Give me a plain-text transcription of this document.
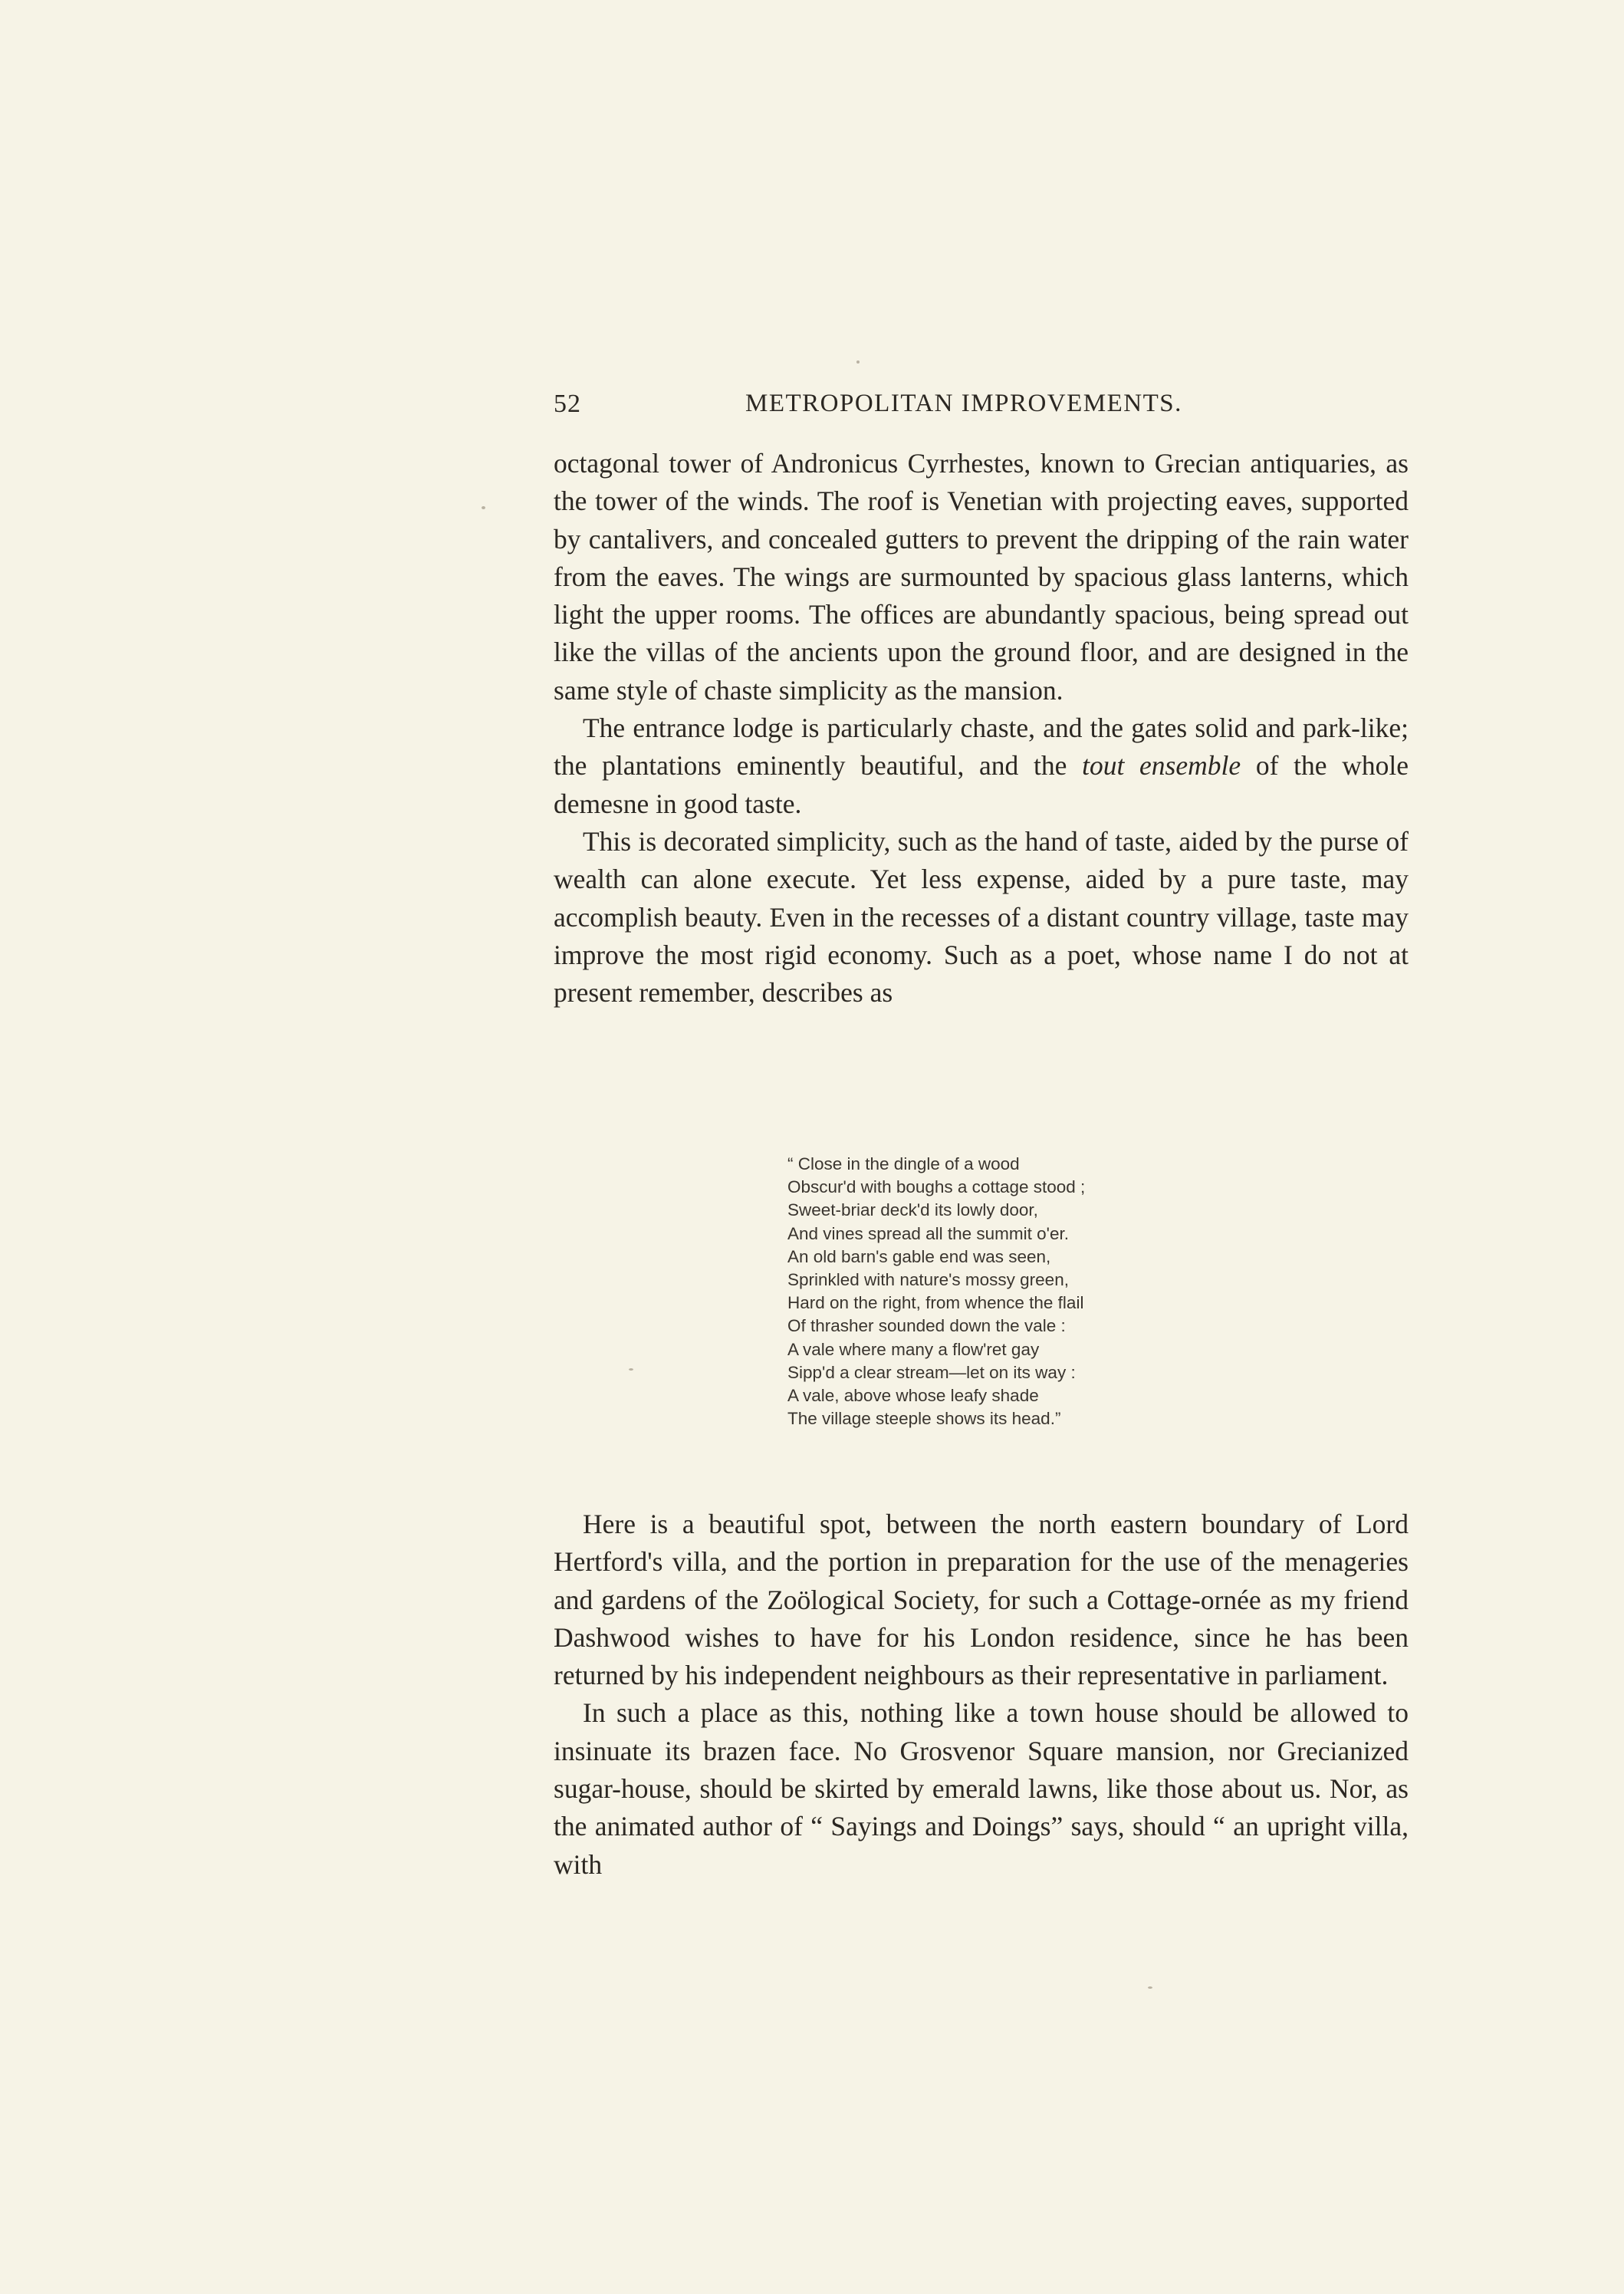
52	METROPOLITAN IMPROVEMENTS.

octagonal tower of Andronicus Cyrrhestes, known to Grecian antiquaries, as the tower of the winds. The roof is Venetian with projecting eaves, supported by cantalivers, and concealed gutters to prevent the dripping of the rain water from the eaves. The wings are surmounted by spacious glass lanterns, which light the upper rooms. The offices are abundantly spacious, being spread out like the villas of the ancients upon the ground floor, and are designed in the same style of chaste simplicity as the mansion.

The entrance lodge is particularly chaste, and the gates solid and park-like; the plantations eminently beautiful, and the tout ensemble of the whole demesne in good taste.

This is decorated simplicity, such as the hand of taste, aided by the purse of wealth can alone execute. Yet less expense, aided by a pure taste, may accomplish beauty. Even in the recesses of a distant country village, taste may improve the most rigid economy. Such as a poet, whose name I do not at present remember, describes as

“ Close in the dingle of a wood
Obscur'd with boughs a cottage stood ;
Sweet-briar deck'd its lowly door,
And vines spread all the summit o'er.
An old barn's gable end was seen,
Sprinkled with nature's mossy green,
Hard on the right, from whence the flail
Of thrasher sounded down the vale :
A vale where many a flow'ret gay
Sipp'd a clear stream—let on its way :
A vale, above whose leafy shade
The village steeple shows its head.”

Here is a beautiful spot, between the north eastern boundary of Lord Hertford's villa, and the portion in preparation for the use of the menageries and gardens of the Zoölogical Society, for such a Cottage-ornée as my friend Dashwood wishes to have for his London residence, since he has been returned by his independent neighbours as their representative in parliament.

In such a place as this, nothing like a town house should be allowed to insinuate its brazen face. No Grosvenor Square mansion, nor Grecianized sugar-house, should be skirted by emerald lawns, like those about us. Nor, as the animated author of “ Sayings and Doings” says, should “ an upright villa, with
